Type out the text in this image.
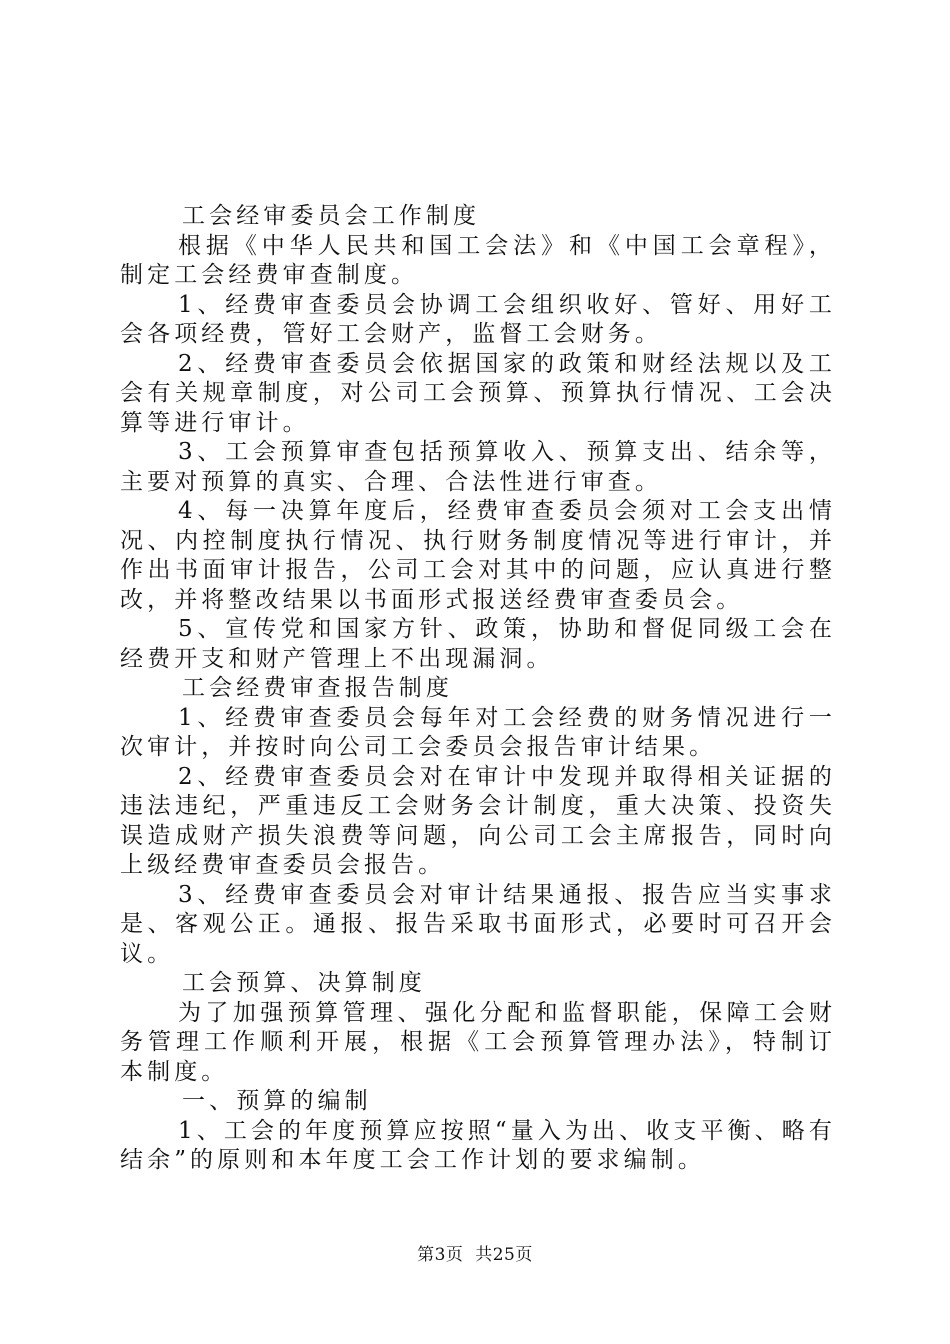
工会经审委员会工作制度

根据《中华人民共和国工会法》和《中国工会章程》，制定工会经费审查制度。

1、经费审查委员会协调工会组织收好、管好、用好工会各项经费，管好工会财产，监督工会财务。

2、经费审查委员会依据国家的政策和财经法规以及工会有关规章制度，对公司工会预算、预算执行情况、工会决算等进行审计。

3、工会预算审查包括预算收入、预算支出、结余等，主要对预算的真实、合理、合法性进行审查。

4、每一决算年度后，经费审查委员会须对工会支出情况、内控制度执行情况、执行财务制度情况等进行审计，并作出书面审计报告，公司工会对其中的问题，应认真进行整改，并将整改结果以书面形式报送经费审查委员会。

5、宣传党和国家方针、政策，协助和督促同级工会在经费开支和财产管理上不出现漏洞。

工会经费审查报告制度

1、经费审查委员会每年对工会经费的财务情况进行一次审计，并按时向公司工会委员会报告审计结果。

2、经费审查委员会对在审计中发现并取得相关证据的违法违纪，严重违反工会财务会计制度，重大决策、投资失误造成财产损失浪费等问题，向公司工会主席报告，同时向上级经费审查委员会报告。

3、经费审查委员会对审计结果通报、报告应当实事求是、客观公正。通报、报告采取书面形式，必要时可召开会议。

工会预算、决算制度

为了加强预算管理、强化分配和监督职能，保障工会财务管理工作顺利开展，根据《工会预算管理办法》，特制订本制度。

一、预算的编制

1、工会的年度预算应按照“量入为出、收支平衡、略有结余”的原则和本年度工会工作计划的要求编制。

第3页  共25页
